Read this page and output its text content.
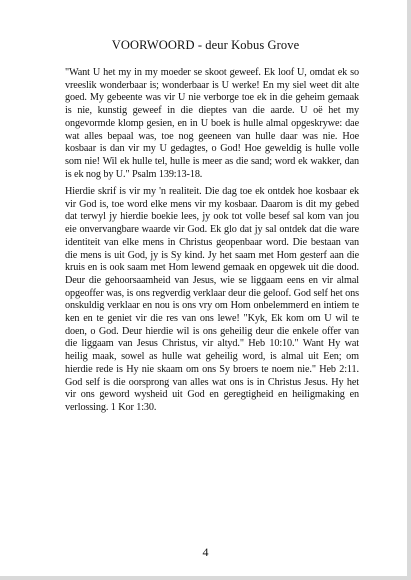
VOORWOORD - deur Kobus Grove

"Want U het my in my moeder se skoot geweef. Ek loof U, omdat ek so vreeslik wonderbaar is; wonderbaar is U werke! En my siel weet dit alte goed. My gebeente was vir U nie verborge toe ek in die geheim gemaak is nie, kunstig geweef in die dieptes van die aarde. U oë het my ongevormde klomp gesien, en in U boek is hulle almal opgeskrywe: dae wat alles bepaal was, toe nog geeneen van hulle daar was nie. Hoe kosbaar is dan vir my U gedagtes, o God! Hoe geweldig is hulle volle som nie! Wil ek hulle tel, hulle is meer as die sand; word ek wakker, dan is ek nog by U." Psalm 139:13-18.

Hierdie skrif is vir my 'n realiteit. Die dag toe ek ontdek hoe kosbaar ek vir God is, toe word elke mens vir my kosbaar. Daarom is dit my gebed dat terwyl jy hierdie boekie lees, jy ook tot volle besef sal kom van jou eie onvervangbare waarde vir God. Ek glo dat jy sal ontdek dat die ware identiteit van elke mens in Christus geopenbaar word. Die bestaan van die mens is uit God, jy is Sy kind. Jy het saam met Hom gesterf aan die kruis en is ook saam met Hom lewend gemaak en opgewek uit die dood. Deur die gehoorsaamheid van Jesus, wie se liggaam eens en vir almal opgeoffer was, is ons regverdig verklaar deur die geloof. God self het ons onskuldig verklaar en nou is ons vry om Hom onbelemmerd en intiem te ken en te geniet vir die res van ons lewe! "Kyk, Ek kom om U wil te doen, o God. Deur hierdie wil is ons geheilig deur die enkele offer van die liggaam van Jesus Christus, vir altyd." Heb 10:10." Want Hy wat heilig maak, sowel as hulle wat geheilig word, is almal uit Een; om hierdie rede is Hy nie skaam om ons Sy broers te noem nie." Heb 2:11. God self is die oorsprong van alles wat ons is in Christus Jesus. Hy het vir ons geword wysheid uit God en geregtigheid en heiligmaking en verlossing. 1 Kor 1:30.

4
